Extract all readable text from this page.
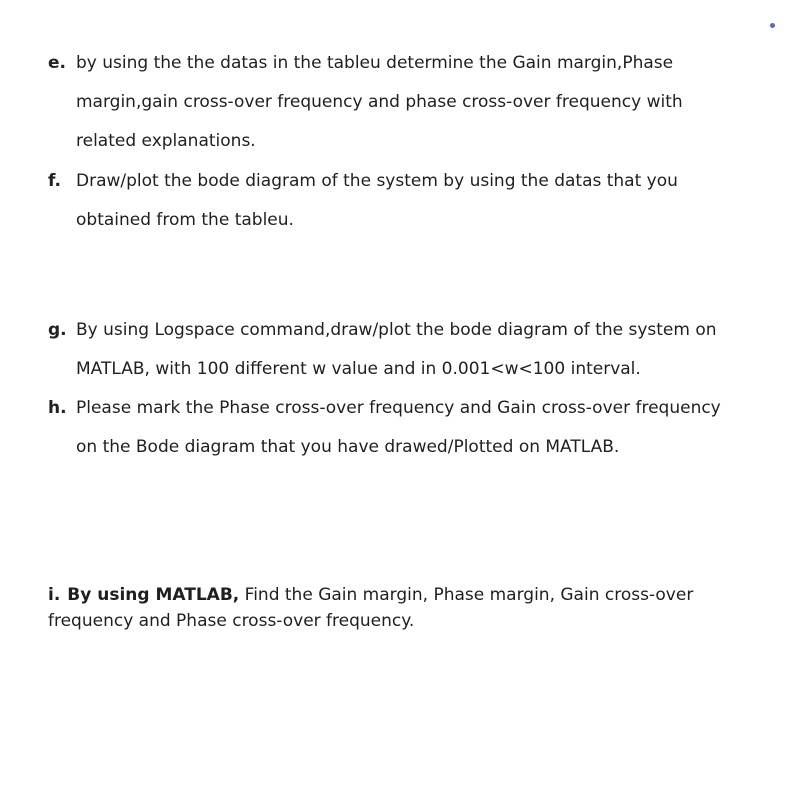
e. by using the the datas in the tableu determine the Gain margin,Phase
margin,gain cross-over frequency and phase cross-over frequency with
related explanations.
f. Draw/plot the bode diagram of the system by using the datas that you
obtained from the tableu.
g. By using Logspace command,draw/plot the bode diagram of the system on
MATLAB, with 100 different w value and in 0.001<w<100 interval.
h. Please mark the Phase cross-over frequency and Gain cross-over frequency
on the Bode diagram that you have drawed/Plotted on MATLAB.
i. By using MATLAB, Find the Gain margin, Phase margin, Gain cross-over
frequency and Phase cross-over frequency.
